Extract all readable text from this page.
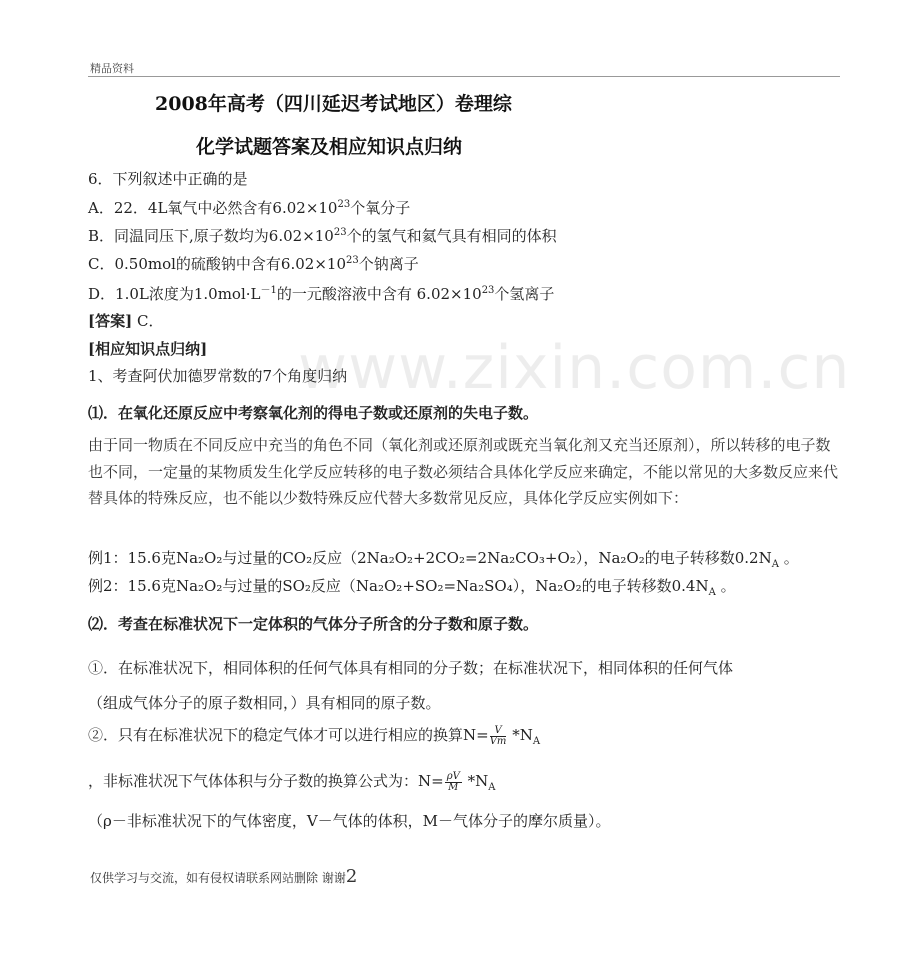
精品资料
2008年高考（四川延迟考试地区）卷理综
化学试题答案及相应知识点归纳
www.zixin.com.cn
6．下列叙述中正确的是
A．22．4L氧气中必然含有$6.02\times 10^{23}$个氧分子
B．同温同压下,原子数均为$6.02\times 10^{23}$个的氢气和氦气具有相同的体积
C．0.50mol的硫酸钠中含有$6.02\times 10^{23}$个钠离子
D．1.0L浓度为$1.0mol\cdot L^{-1}$的一元酸溶液中含有 $6.02\times 10^{23}$个氢离子
[答案] C．
[相应知识点归纳]
1、考查阿伏加德罗常数的7个角度归纳
⑴．在氧化还原反应中考察氧化剂的得电子数或还原剂的失电子数。
由于同一物质在不同反应中充当的角色不同（氧化剂或还原剂或既充当氧化剂又充当还原剂），所以转移的电子数也不同，一定量的某物质发生化学反应转移的电子数必须结合具体化学反应来确定，不能以常见的大多数反应来代替具体的特殊反应，也不能以少数特殊反应代替大多数常见反应，具体化学反应实例如下：
例1：15.6克Na₂O₂与过量的CO₂反应（2Na₂O₂+2CO₂=2Na₂CO₃+O₂），Na₂O₂的电子转移数$0.2N_A$ 。
例2：15.6克Na₂O₂与过量的SO₂反应（Na₂O₂+SO₂=Na₂SO₄），Na₂O₂的电子转移数$0.4N_A$ 。
⑵．考查在标准状况下一定体积的气体分子所含的分子数和原子数。
①．在标准状况下，相同体积的任何气体具有相同的分子数；在标准状况下，相同体积的任何气体
（组成气体分子的原子数相同，）具有相同的原子数。
②．只有在标准状况下的稳定气体才可以进行相应的换算$N= \frac{V}{Vm} *N_A$
，非标准状况下气体体积与分子数的换算公式为：$N= \frac{\rho V}{M} *N_A$
（ρ－非标准状况下的气体密度，V－气体的体积，M－气体分子的摩尔质量）。
仅供学习与交流，如有侵权请联系网站删除 谢谢2
